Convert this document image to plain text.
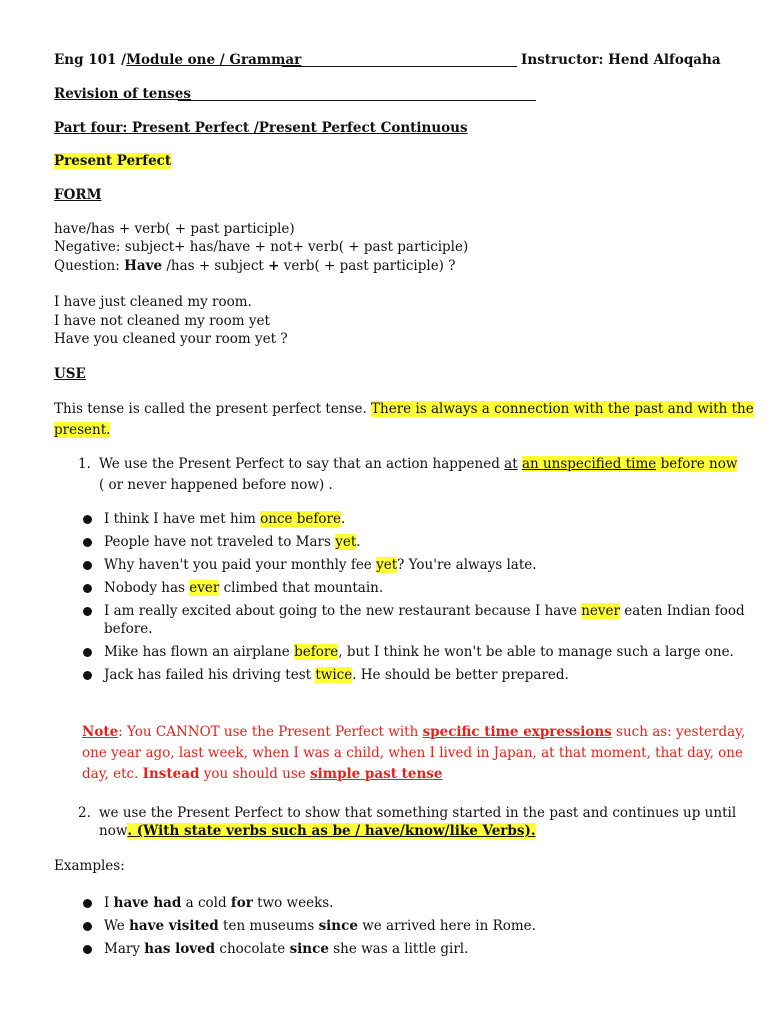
Eng 101 /Module one / Grammar	Instructor: Hend Alfoqaha
Revision of tenses
Part four: Present Perfect /Present Perfect Continuous
Present Perfect
FORM
have/has + verb( + past participle)
Negative: subject+ has/have + not+ verb( + past participle)
Question: Have /has + subject + verb( + past participle) ?
I have just cleaned my room.
I have not cleaned my room yet
Have you cleaned your room yet ?
USE
This tense is called the present perfect tense. There is always a connection with the past and with the
present.
1. We use the Present Perfect to say that an action happened at an unspecified time before now
( or never happened before now) .
I think I have met him once before.
People have not traveled to Mars yet.
Why haven't you paid your monthly fee yet? You're always late.
Nobody has ever climbed that mountain.
I am really excited about going to the new restaurant because I have never eaten Indian food
before.
Mike has flown an airplane before, but I think he won't be able to manage such a large one.
Jack has failed his driving test twice. He should be better prepared.
Note: You CANNOT use the Present Perfect with specific time expressions such as: yesterday,
one year ago, last week, when I was a child, when I lived in Japan, at that moment, that day, one
day, etc. Instead you should use simple past tense
2. we use the Present Perfect to show that something started in the past and continues up until
now. (With state verbs such as be / have/know/like Verbs).
Examples:
I have had a cold for two weeks.
We have visited ten museums since we arrived here in Rome.
Mary has loved chocolate since she was a little girl.
